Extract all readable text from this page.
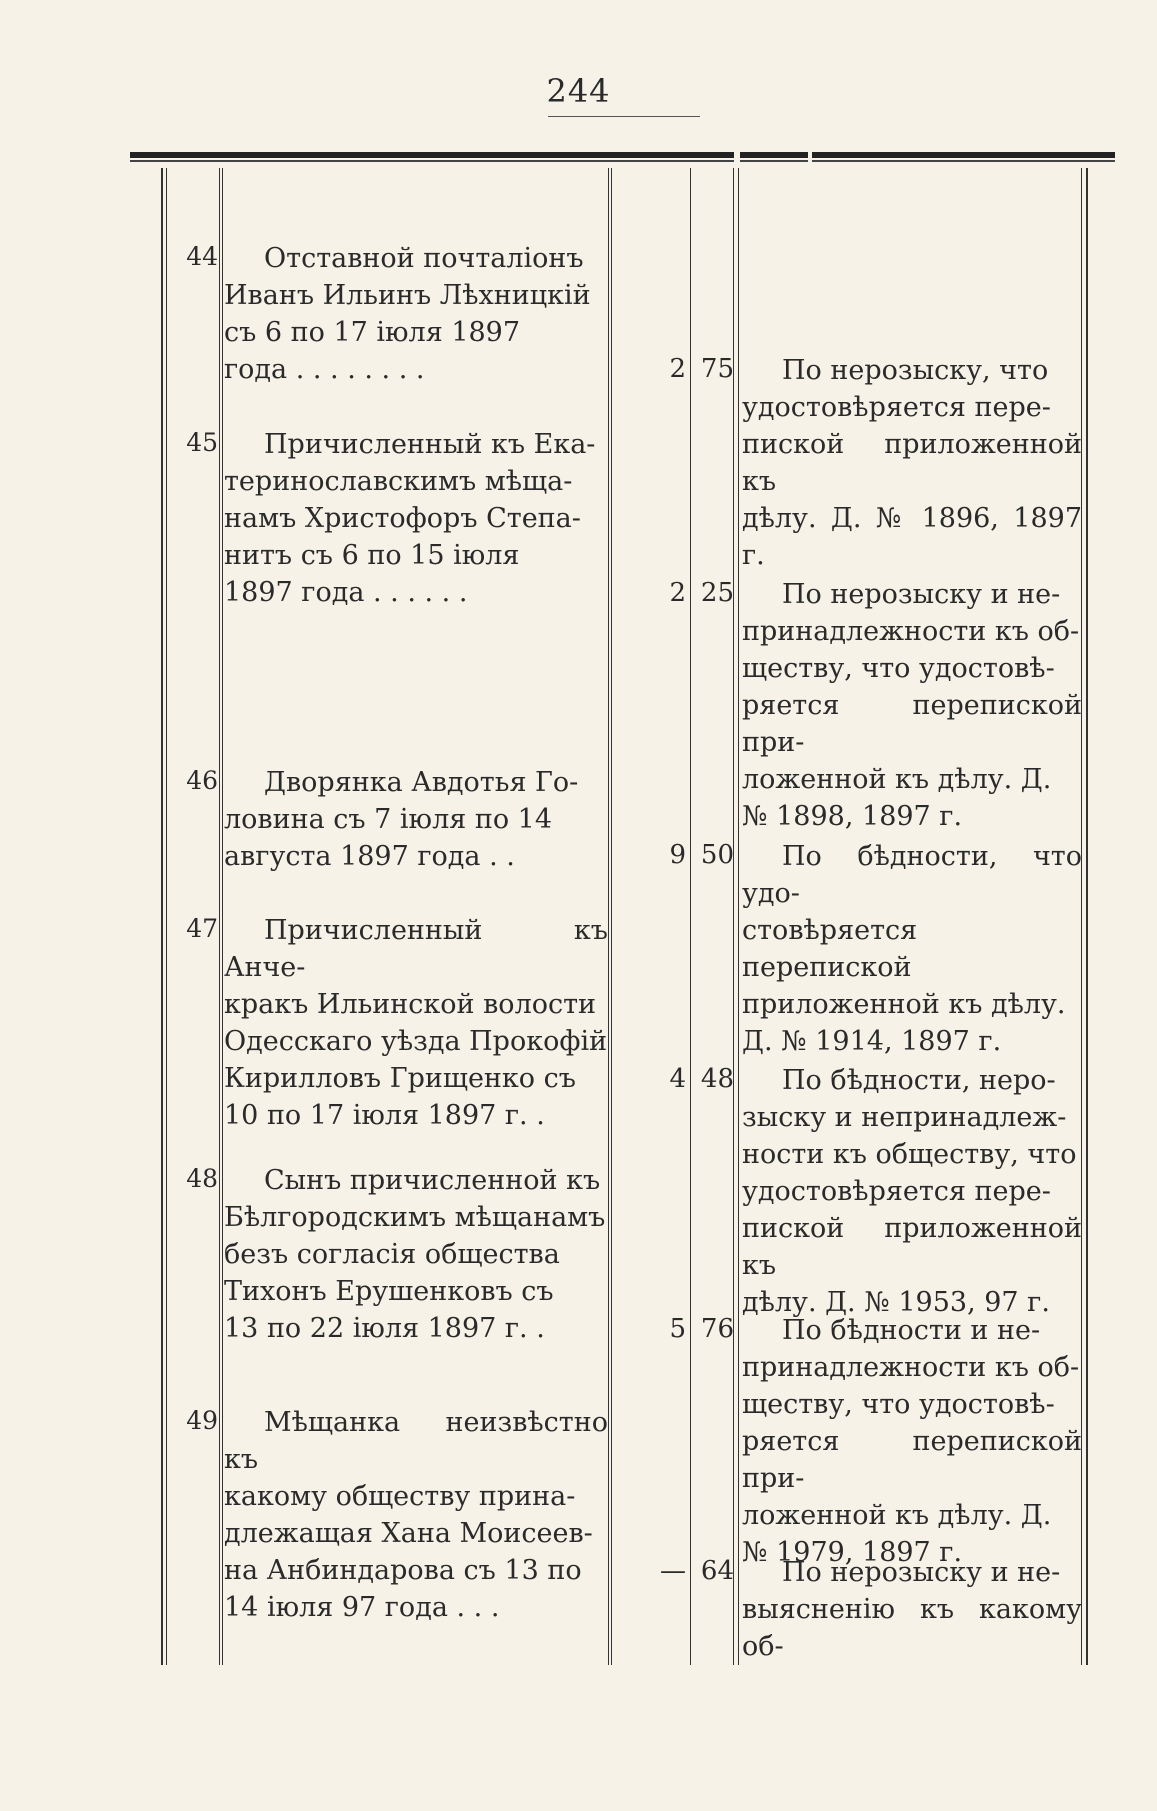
244
44	Отставной почталіонъ

Иванъ Ильинъ Лѣхницкій

съ 6 по 17 іюля 1897

года . . . . . . . .	2 75	По нерозыску, что

удостовѣряется пере-

пиской приложенной къ

дѣлу. Д. № 1896, 1897 г.

45	Причисленный къ Ека-

теринославскимъ мѣща-

намъ Христофоръ Степа-

нитъ съ 6 по 15 іюля

1897 года . . . . . .	2 25	По нерозыску и не-

принадлежности къ об-

ществу, что удостовѣ-

ряется перепиской при-

ложенной къ дѣлу. Д.

№ 1898, 1897 г.

46	Дворянка Авдотья Го-

ловина съ 7 іюля по 14

августа 1897 года . .	9 50	По бѣдности, что удо-

стовѣряется перепиской

приложенной къ дѣлу.

Д. № 1914, 1897 г.

47	Причисленный къ Анче-

кракъ Ильинской волости

Одесскаго уѣзда Прокофій

Кирилловъ Грищенко съ

10 по 17 іюля 1897 г. .

4 48	По бѣдности, неро-

зыску и непринадлеж-

ности къ обществу, что

удостовѣряется пере-

пиской приложенной къ

дѣлу. Д. № 1953, 97 г.

48	Сынъ причисленной къ

Бѣлгородскимъ мѣщанамъ

безъ согласія общества

Тихонъ Ерушенковъ съ

13 по 22 іюля 1897 г. .	5 76	По бѣдности и не-

принадлежности къ об-

ществу, что удостовѣ-

ряется перепиской при-

ложенной къ дѣлу. Д.

№ 1979, 1897 г.

49	Мѣщанка неизвѣстно къ

какому обществу прина-

длежащая Хана Моисеев-

на Анбиндарова съ 13 по

14 іюля 97 года . . .

— 64	По нерозыску и не-

выясненію къ какому об-
